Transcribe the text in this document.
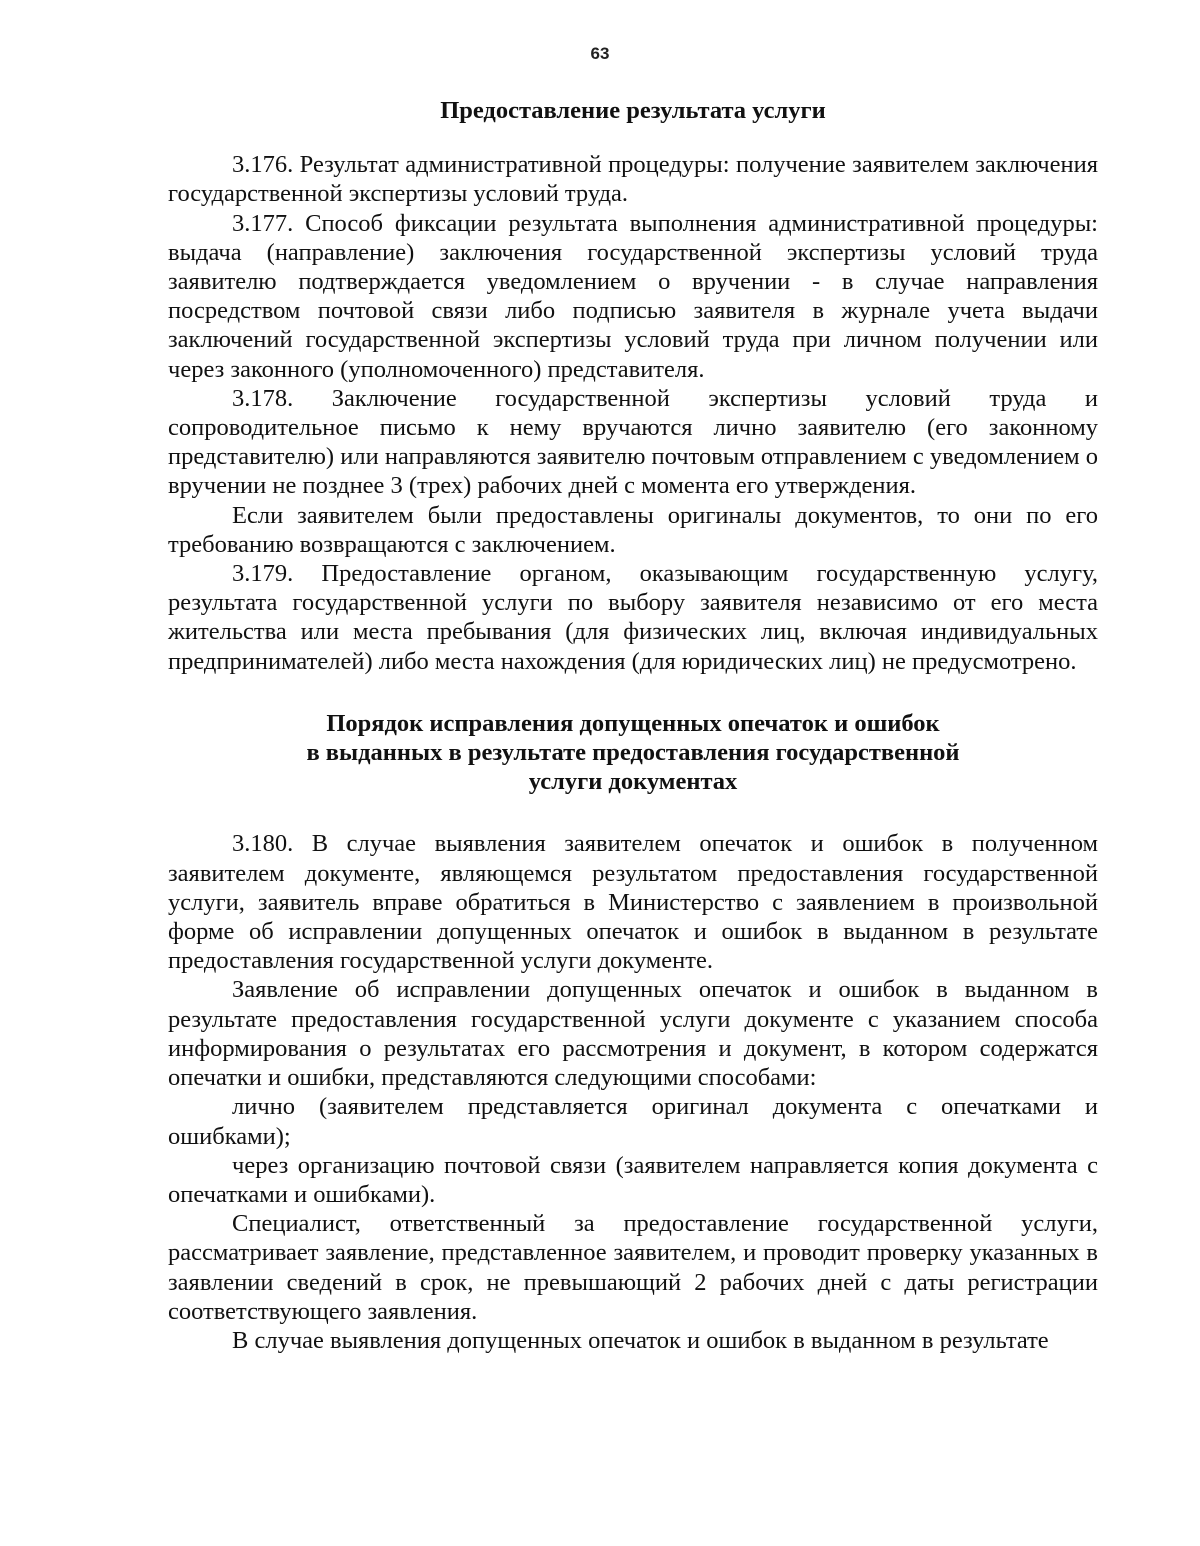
63

Предоставление результата услуги

3.176. Результат административной процедуры: получение заявителем заключения государственной экспертизы условий труда.

3.177. Способ фиксации результата выполнения административной процедуры: выдача (направление) заключения государственной экспертизы условий труда заявителю подтверждается уведомлением о вручении - в случае направления посредством почтовой связи либо подписью заявителя в журнале учета выдачи заключений государственной экспертизы условий труда при личном получении или через законного (уполномоченного) представителя.

3.178. Заключение государственной экспертизы условий труда и сопроводительное письмо к нему вручаются лично заявителю (его законному представителю) или направляются заявителю почтовым отправлением с уведомлением о вручении не позднее 3 (трех) рабочих дней с момента его утверждения.

Если заявителем были предоставлены оригиналы документов, то они по его требованию возвращаются с заключением.

3.179. Предоставление органом, оказывающим государственную услугу, результата государственной услуги по выбору заявителя независимо от его места жительства или места пребывания (для физических лиц, включая индивидуальных предпринимателей) либо места нахождения (для юридических лиц) не предусмотрено.

Порядок исправления допущенных опечаток и ошибок
в выданных в результате предоставления государственной
услуги документах

3.180. В случае выявления заявителем опечаток и ошибок в полученном заявителем документе, являющемся результатом предоставления государственной услуги, заявитель вправе обратиться в Министерство с заявлением в произвольной форме об исправлении допущенных опечаток и ошибок в выданном в результате предоставления государственной услуги документе.

Заявление об исправлении допущенных опечаток и ошибок в выданном в результате предоставления государственной услуги документе с указанием способа информирования о результатах его рассмотрения и документ, в котором содержатся опечатки и ошибки, представляются следующими способами:

лично (заявителем представляется оригинал документа с опечатками и ошибками);

через организацию почтовой связи (заявителем направляется копия документа с опечатками и ошибками).

Специалист, ответственный за предоставление государственной услуги, рассматривает заявление, представленное заявителем, и проводит проверку указанных в заявлении сведений в срок, не превышающий 2 рабочих дней с даты регистрации соответствующего заявления.

В случае выявления допущенных опечаток и ошибок в выданном в результате
